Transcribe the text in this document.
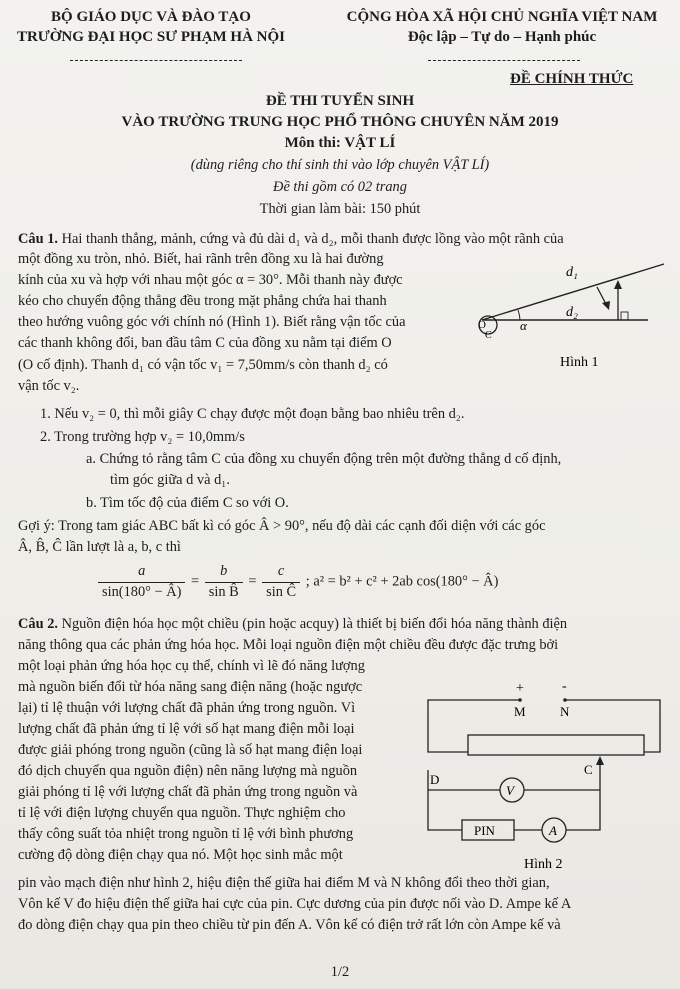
BỘ GIÁO DỤC VÀ ĐÀO TẠO
TRƯỜNG ĐẠI HỌC SƯ PHẠM HÀ NỘI
CỘNG HÒA XÃ HỘI CHỦ NGHĨA VIỆT NAM
Độc lập – Tự do – Hạnh phúc
ĐỀ CHÍNH THỨC
ĐỀ THI TUYỂN SINH
VÀO TRƯỜNG TRUNG HỌC PHỔ THÔNG CHUYÊN NĂM 2019
Môn thi: VẬT LÍ
(dùng riêng cho thí sinh thi vào lớp chuyên VẬT LÍ)
Đề thi gồm có 02 trang
Thời gian làm bài: 150 phút
Câu 1. Hai thanh thẳng, mảnh, cứng và đủ dài d₁ và d₂, mỗi thanh được lồng vào một rãnh của
một đồng xu tròn, nhỏ. Biết, hai rãnh trên đồng xu là hai đường
kính của xu và hợp với nhau một góc α = 30°. Mỗi thanh này được
kéo cho chuyển động thẳng đều trong mặt phẳng chứa hai thanh
theo hướng vuông góc với chính nó (Hình 1). Biết rằng vận tốc của
các thanh không đổi, ban đầu tâm C của đồng xu nằm tại điểm O
(O cố định). Thanh d₁ có vận tốc v₁ = 7,50mm/s còn thanh d₂ có
vận tốc v₂.
d₁
d₂
α
O
C
Hình 1
1. Nếu v₂ = 0, thì mỗi giây C chạy được một đoạn bằng bao nhiêu trên d₂.
2. Trong trường hợp v₂ = 10,0mm/s
a. Chứng tỏ rằng tâm C của đồng xu chuyển động trên một đường thẳng d cố định,
tìm góc giữa d và d₁.
b. Tìm tốc độ của điểm C so với O.
Gợi ý: Trong tam giác ABC bất kì có góc Â > 90°, nếu độ dài các cạnh đối diện với các góc
Â, B̂, Ĉ lần lượt là a, b, c thì
$\frac{a}{\sin(180^\circ - Â)} = \frac{b}{\text{sin B̂}} = \frac{c}{\text{sin Ĉ}}$ ; a² = b² + c² + 2ab cos(180° − Â)
Câu 2. Nguồn điện hóa học một chiều (pin hoặc acquy) là thiết bị biến đổi hóa năng thành điện
năng thông qua các phản ứng hóa học. Mỗi loại nguồn điện một chiều đều được đặc trưng bởi
một loại phản ứng hóa học cụ thể, chính vì lẽ đó năng lượng
mà nguồn biến đổi từ hóa năng sang điện năng (hoặc ngược
lại) tỉ lệ thuận với lượng chất đã phản ứng trong nguồn. Vì
lượng chất đã phản ứng tỉ lệ với số hạt mang điện mỗi loại
được giải phóng trong nguồn (cũng là số hạt mang điện loại
đó dịch chuyển qua nguồn điện) nên năng lượng mà nguồn
giải phóng tỉ lệ với lượng chất đã phản ứng trong nguồn và
tỉ lệ với điện lượng chuyển qua nguồn. Thực nghiệm cho
thấy công suất tỏa nhiệt trong nguồn tỉ lệ với bình phương
cường độ dòng điện chạy qua nó. Một học sinh mắc một
pin vào mạch điện như hình 2, hiệu điện thế giữa hai điểm M và N không đổi theo thời gian,
Vôn kế V đo hiệu điện thế giữa hai cực của pin. Cực dương của pin được nối vào D. Ampe kế A
đo dòng điện chạy qua pin theo chiều từ pin đến A. Vôn kế có điện trở rất lớn còn Ampe kế và
+	-
M	N
C
D
V
PIN	A
Hình 2
1/2
